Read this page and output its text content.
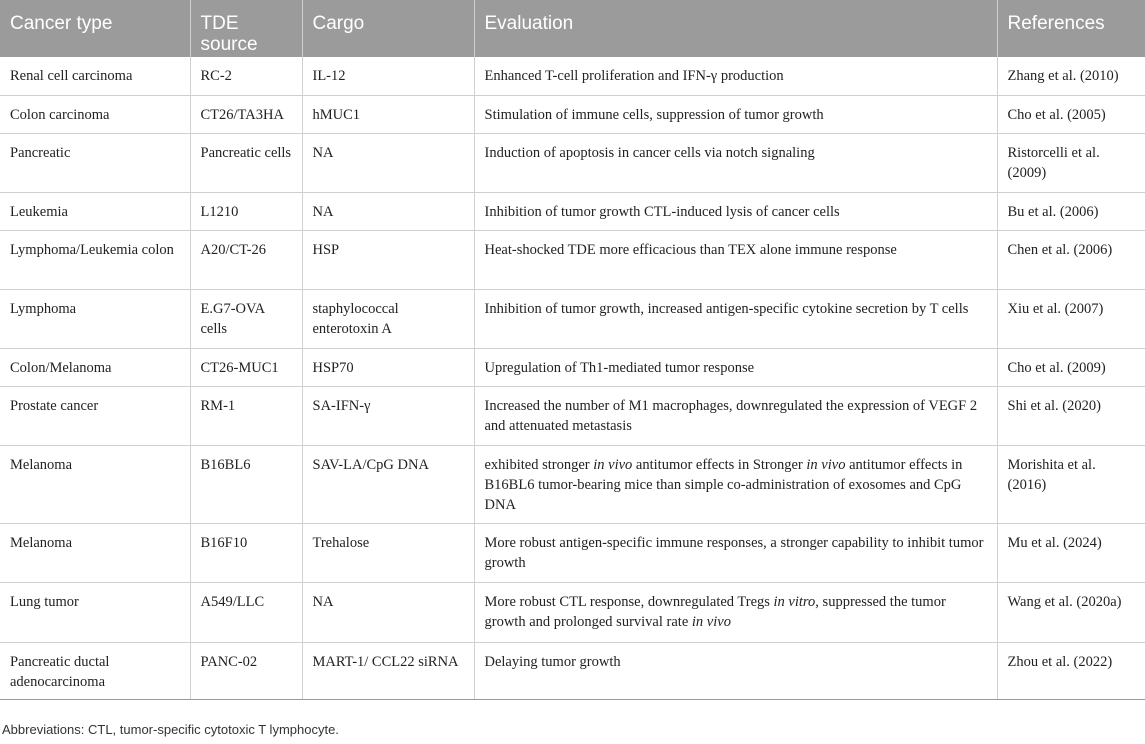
Cancer type	TDE source	Cargo	Evaluation	References
Renal cell carcinoma	RC-2	IL-12	Enhanced T-cell proliferation and IFN-γ production	Zhang et al. (2010)
Colon carcinoma	CT26/TA3HA	hMUC1	Stimulation of immune cells, suppression of tumor growth	Cho et al. (2005)
Pancreatic	Pancreatic cells	NA	Induction of apoptosis in cancer cells via notch signaling	Ristorcelli et al. (2009)
Leukemia	L1210	NA	Inhibition of tumor growth CTL-induced lysis of cancer cells	Bu et al. (2006)
Lymphoma/Leukemia colon	A20/CT-26	HSP	Heat-shocked TDE more efficacious than TEX alone immune response	Chen et al. (2006)
Lymphoma	E.G7-OVA cells	staphylococcal enterotoxin A	Inhibition of tumor growth, increased antigen-specific cytokine secretion by T cells	Xiu et al. (2007)
Colon/Melanoma	CT26-MUC1	HSP70	Upregulation of Th1-mediated tumor response	Cho et al. (2009)
Prostate cancer	RM-1	SA-IFN-γ	Increased the number of M1 macrophages, downregulated the expression of VEGF 2 and attenuated metastasis	Shi et al. (2020)
Melanoma	B16BL6	SAV-LA/CpG DNA	exhibited stronger in vivo antitumor effects in Stronger in vivo antitumor effects in B16BL6 tumor-bearing mice than simple co-administration of exosomes and CpG DNA	Morishita et al. (2016)
Melanoma	B16F10	Trehalose	More robust antigen-specific immune responses, a stronger capability to inhibit tumor growth	Mu et al. (2024)
Lung tumor	A549/LLC	NA	More robust CTL response, downregulated Tregs in vitro, suppressed the tumor growth and prolonged survival rate in vivo	Wang et al. (2020a)
Pancreatic ductal adenocarcinoma	PANC-02	MART-1/ CCL22 siRNA	Delaying tumor growth	Zhou et al. (2022)
Abbreviations: CTL, tumor-specific cytotoxic T lymphocyte.
